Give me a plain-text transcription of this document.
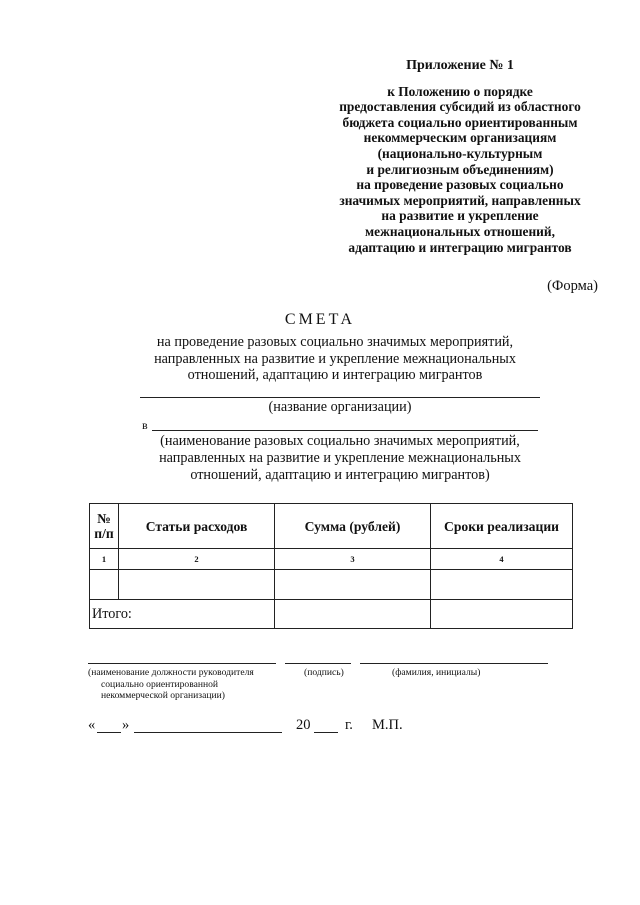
Приложение № 1
к Положению о порядке
предоставления субсидий из областного
бюджета социально ориентированным
некоммерческим организациям
(национально-культурным
и религиозным объединениям)
на проведение разовых социально
значимых мероприятий, направленных
на развитие и укрепление
межнациональных отношений,
адаптацию и интеграцию мигрантов
(Форма)
СМЕТА
на проведение разовых социально значимых мероприятий,
направленных на развитие и укрепление межнациональных
отношений, адаптацию и интеграцию мигрантов
(название организации)
в
(наименование разовых социально значимых мероприятий,
направленных на развитие и укрепление межнациональных
отношений, адаптацию и интеграцию мигрантов)
№ п/п	Статьи расходов	Сумма (рублей)	Сроки реализации
1	2	3	4

Итого:			
(наименование должности руководителя
социально ориентированной
некоммерческой организации)
(подпись)	(фамилия, инициалы)
« »	20 г. М.П.
